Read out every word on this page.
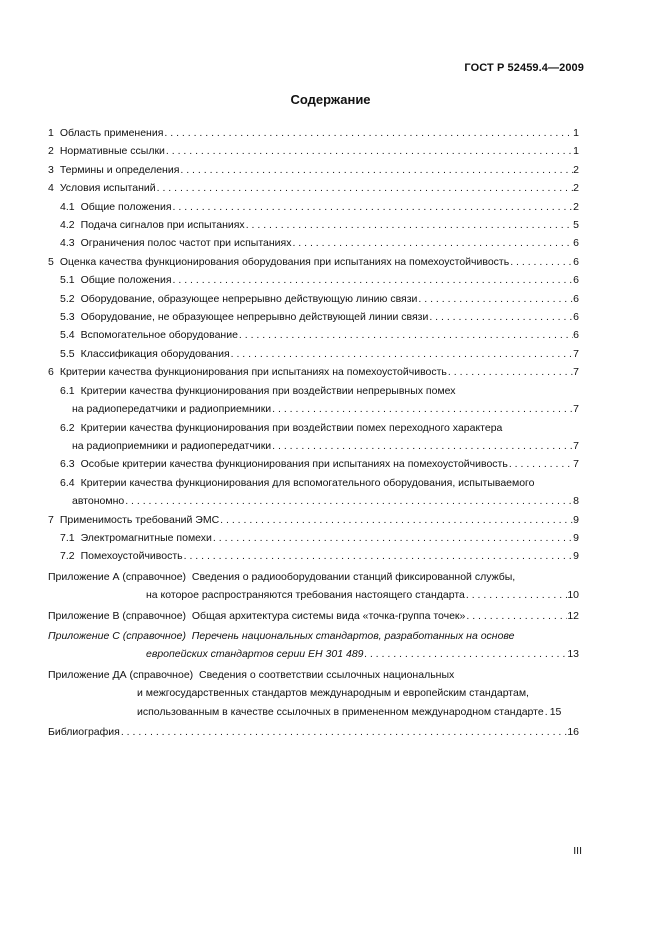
ГОСТ Р 52459.4—2009
Содержание
1 Область применения . . .	1
2 Нормативные ссылки . . .	1
3 Термины и определения . . .	2
4 Условия испытаний . . .	2
4.1 Общие положения . . .	2
4.2 Подача сигналов при испытаниях . . .	5
4.3 Ограничения полос частот при испытаниях . . .	6
5 Оценка качества функционирования оборудования при испытаниях на помехоустойчивость . . .	6
5.1 Общие положения . . .	6
5.2 Оборудование, образующее непрерывно действующую линию связи . . .	6
5.3 Оборудование, не образующее непрерывно действующей линии связи . . .	6
5.4 Вспомогательное оборудование . . .	6
5.5 Классификация оборудования . . .	7
6 Критерии качества функционирования при испытаниях на помехоустойчивость . . .	7
6.1 Критерии качества функционирования при воздействии непрерывных помех
на радиопередатчики и радиоприемники . . .	7
6.2 Критерии качества функционирования при воздействии помех переходного характера
на радиоприемники и радиопередатчики . . .	7
6.3 Особые критерии качества функционирования при испытаниях на помехоустойчивость . . .	7
6.4 Критерии качества функционирования для вспомогательного оборудования, испытываемого
автономно . . .	8
7 Применимость требований ЭМС . . .	9
7.1 Электромагнитные помехи . . .	9
7.2 Помехоустойчивость . . .	9
Приложение А (справочное)  Сведения о радиооборудовании станций фиксированной службы,
на которое распространяются требования настоящего стандарта . . .	10
Приложение В (справочное)  Общая архитектура системы вида «точка-группа точек» . . .	12
Приложение С (справочное)  Перечень национальных стандартов, разработанных на основе
европейских стандартов серии ЕН 301 489 . . .	13
Приложение ДА (справочное)  Сведения о соответствии ссылочных национальных
и межгосударственных стандартов международным и европейским стандартам,
использованным в качестве ссылочных в примененном международном стандарте . . . 15
Библиография . . .	16
III
